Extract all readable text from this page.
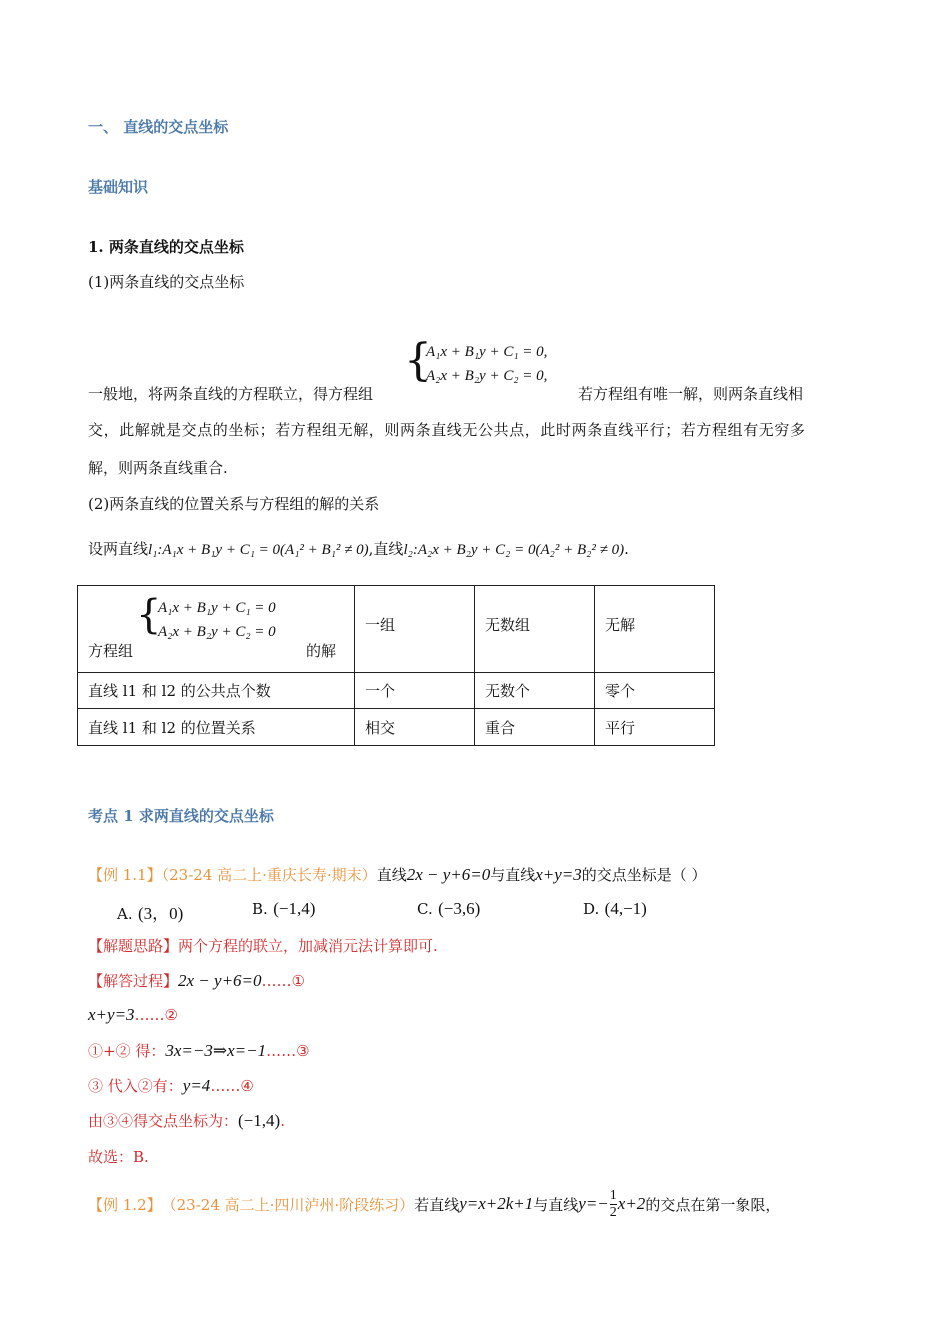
一、 直线的交点坐标
基础知识
1. 两条直线的交点坐标
(1)两条直线的交点坐标
{
A₁x + B₁y + C₁ = 0,
A₂x + B₂y + C₂ = 0,
一般地，将两条直线的方程联立，得方程组	若方程组有唯一解，则两条直线相
交，此解就是交点的坐标；若方程组无解，则两条直线无公共点，此时两条直线平行；若方程组有无穷多
解，则两条直线重合.
(2)两条直线的位置关系与方程组的解的关系
设两直线l₁:A₁x + B₁y + C₁ = 0(A₁² + B₁² ≠ 0),直线l₂:A₂x + B₂y + C₂ = 0(A₂² + B₂² ≠ 0).
方程组
{
A₁x + B₁y + C₁ = 0
A₂x + B₂y + C₂ = 0
的解	一组	无数组	无解
直线 l1 和 l2 的公共点个数	一个	无数个	零个
直线 l1 和 l2 的位置关系	相交	重合	平行
考点 1 求两直线的交点坐标
【例 1.1】（23-24 高二上·重庆长寿·期末）直线2x − y+6=0与直线x+y=3的交点坐标是（ ）
A. (3，0)	B. (−1,4)	C. (−3,6)	D. (4,−1)
【解题思路】两个方程的联立，加减消元法计算即可.
【解答过程】2x − y+6=0……①
x+y=3……②
①+② 得：3x=−3⇒x=−1……③
③ 代入②有：y=4……④
由③④得交点坐标为：(−1,4).
故选：B.
【例 1.2】 （23-24 高二上·四川泸州·阶段练习） 若直线 y=x+2k+1 与直线 $y=- \frac{1}{2} x+2$ 的交点在第一象限，
